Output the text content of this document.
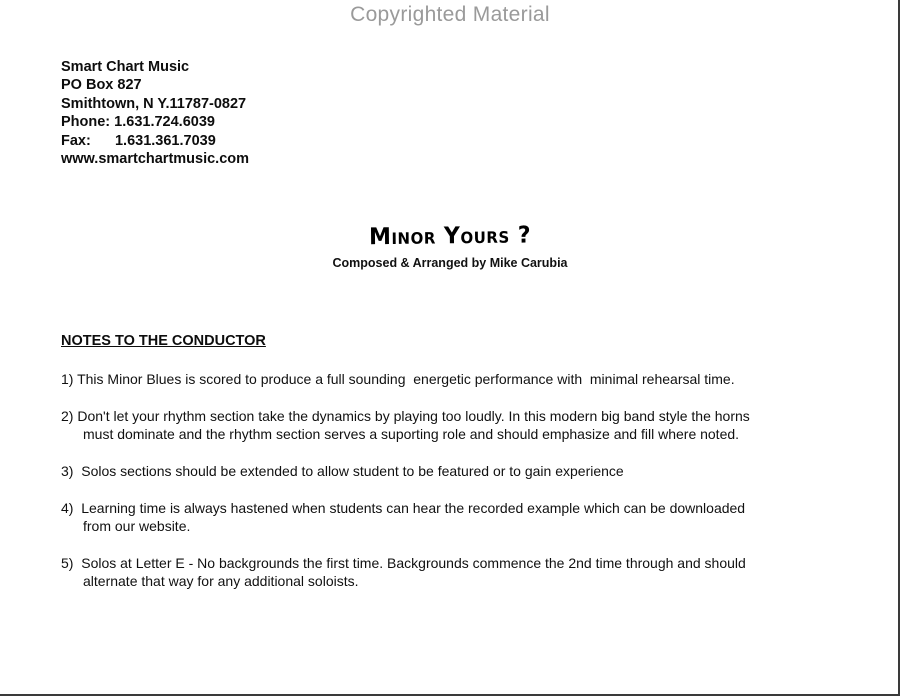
Copyrighted Material
Smart Chart Music
PO Box 827
Smithtown, N Y.11787-0827
Phone: 1.631.724.6039
Fax:      1.631.361.7039
www.smartchartmusic.com
Minor Yours ?
Composed & Arranged by Mike Carubia
NOTES TO THE CONDUCTOR
1) This Minor Blues is scored to produce a full sounding  energetic performance with  minimal rehearsal time.
2) Don't let your rhythm section take the dynamics by playing too loudly. In this modern big band style the horns
must dominate and the rhythm section serves a suporting role and should emphasize and fill where noted.
3)  Solos sections should be extended to allow student to be featured or to gain experience
4)  Learning time is always hastened when students can hear the recorded example which can be downloaded
from our website.
5)  Solos at Letter E - No backgrounds the first time. Backgrounds commence the 2nd time through and should
alternate that way for any additional soloists.
